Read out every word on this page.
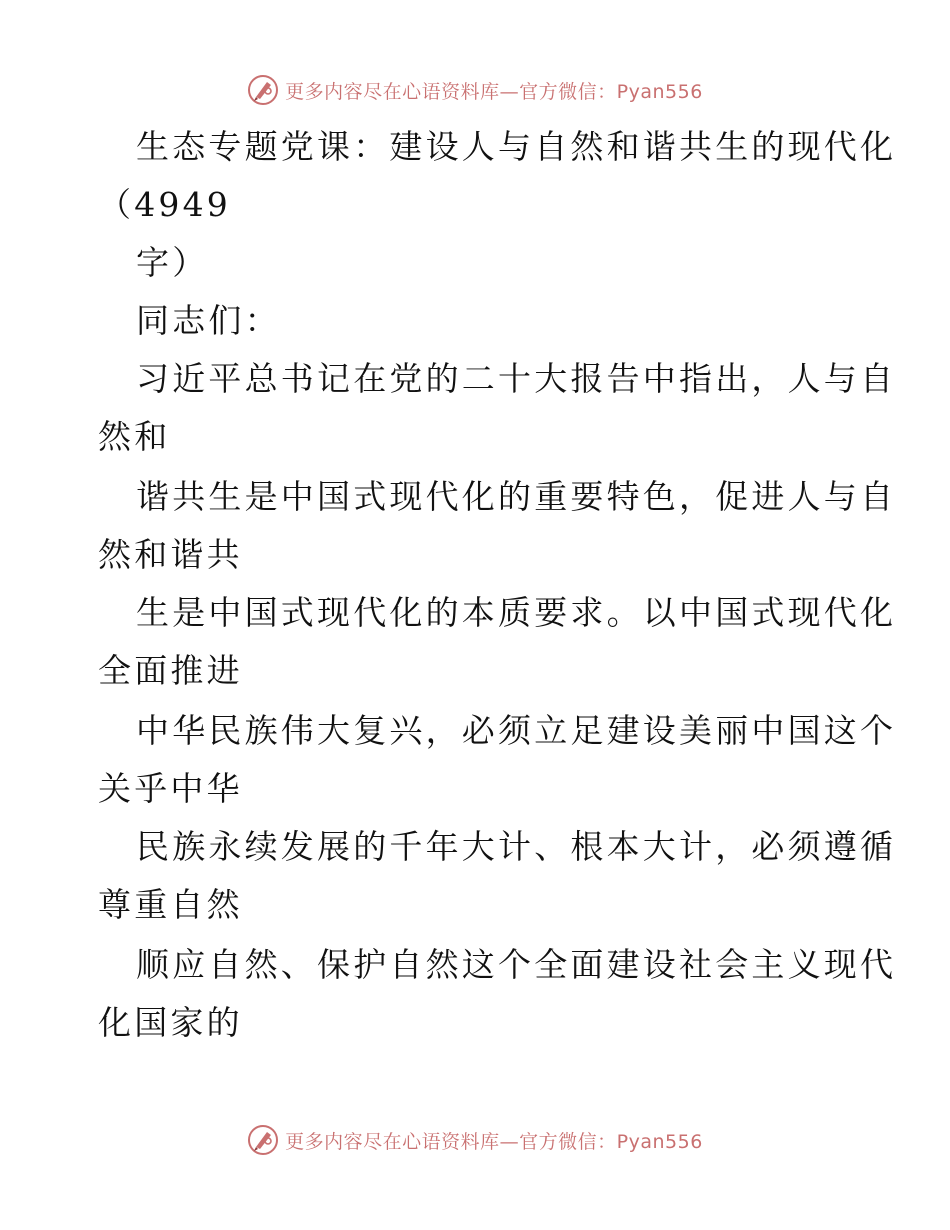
更多内容尽在心语资料库—官方微信：Pyan556
生态专题党课：建设人与自然和谐共生的现代化
（4949
字）
同志们：
习近平总书记在党的二十大报告中指出，人与自
然和
谐共生是中国式现代化的重要特色，促进人与自
然和谐共
生是中国式现代化的本质要求。以中国式现代化
全面推进
中华民族伟大复兴，必须立足建设美丽中国这个
关乎中华
民族永续发展的千年大计、根本大计，必须遵循
尊重自然
顺应自然、保护自然这个全面建设社会主义现代
化国家的
更多内容尽在心语资料库—官方微信：Pyan556
